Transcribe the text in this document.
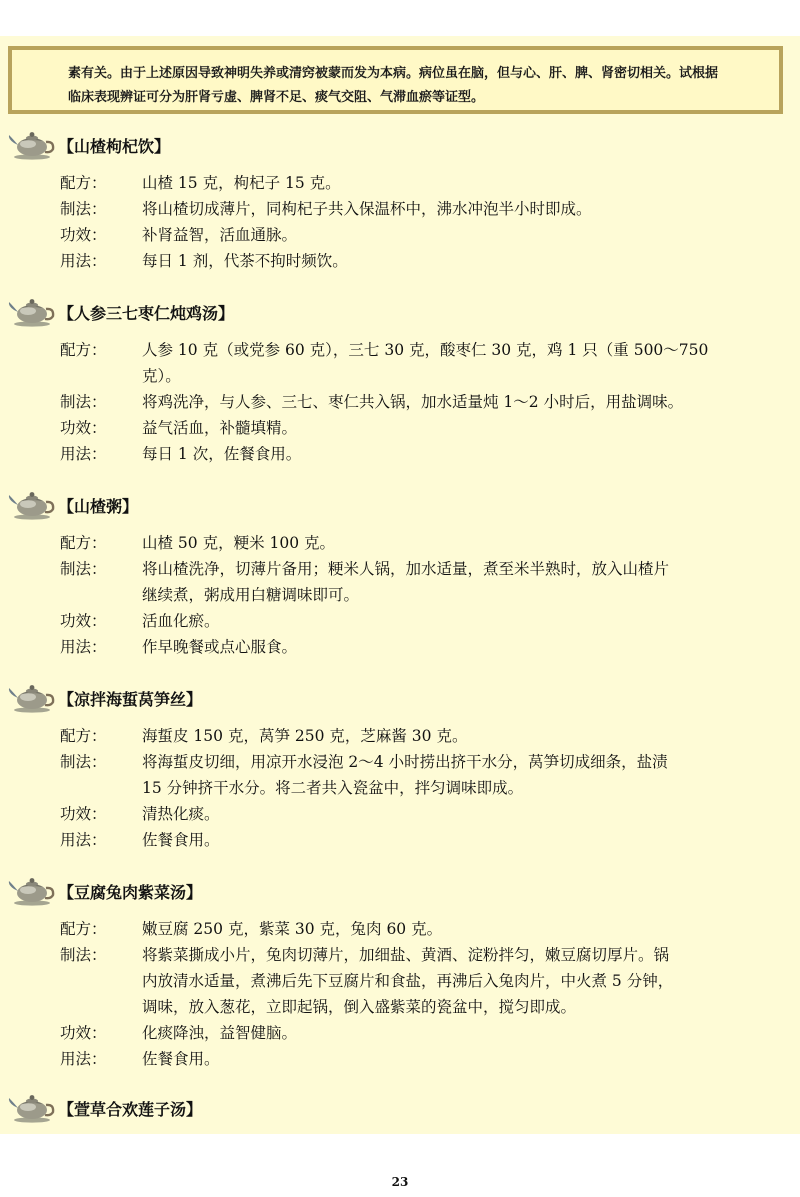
素有关。由于上述原因导致神明失养或清窍被蒙而发为本病。病位虽在脑，但与心、肝、脾、肾密切相关。试根据
临床表现辨证可分为肝肾亏虚、脾肾不足、痰气交阻、气滞血瘀等证型。
【山楂枸杞饮】
配方：	山楂 15 克，枸杞子 15 克。
制法：	将山楂切成薄片，同枸杞子共入保温杯中，沸水冲泡半小时即成。
功效：	补肾益智，活血通脉。
用法：	每日 1 剂，代茶不拘时频饮。
【人参三七枣仁炖鸡汤】
配方：	人参 10 克（或党参 60 克），三七 30 克，酸枣仁 30 克，鸡 1 只（重 500～750
克）。
制法：	将鸡洗净，与人参、三七、枣仁共入锅，加水适量炖 1～2 小时后，用盐调味。
功效：	益气活血，补髓填精。
用法：	每日 1 次，佐餐食用。
【山楂粥】
配方：	山楂 50 克，粳米 100 克。
制法：	将山楂洗净，切薄片备用；粳米人锅，加水适量，煮至米半熟时，放入山楂片
继续煮，粥成用白糖调味即可。
功效：	活血化瘀。
用法：	作早晚餐或点心服食。
【凉拌海蜇莴笋丝】
配方：	海蜇皮 150 克，莴笋 250 克，芝麻酱 30 克。
制法：	将海蜇皮切细，用凉开水浸泡 2～4 小时捞出挤干水分，莴笋切成细条，盐渍
15 分钟挤干水分。将二者共入瓷盆中，拌匀调味即成。
功效：	清热化痰。
用法：	佐餐食用。
【豆腐兔肉紫菜汤】
配方：	嫩豆腐 250 克，紫菜 30 克，兔肉 60 克。
制法：	将紫菜撕成小片，兔肉切薄片，加细盐、黄酒、淀粉拌匀，嫩豆腐切厚片。锅
内放清水适量，煮沸后先下豆腐片和食盐，再沸后入兔肉片，中火煮 5 分钟，
调味，放入葱花，立即起锅，倒入盛紫菜的瓷盆中，搅匀即成。
功效：	化痰降浊，益智健脑。
用法：	佐餐食用。
【萱草合欢莲子汤】
23
